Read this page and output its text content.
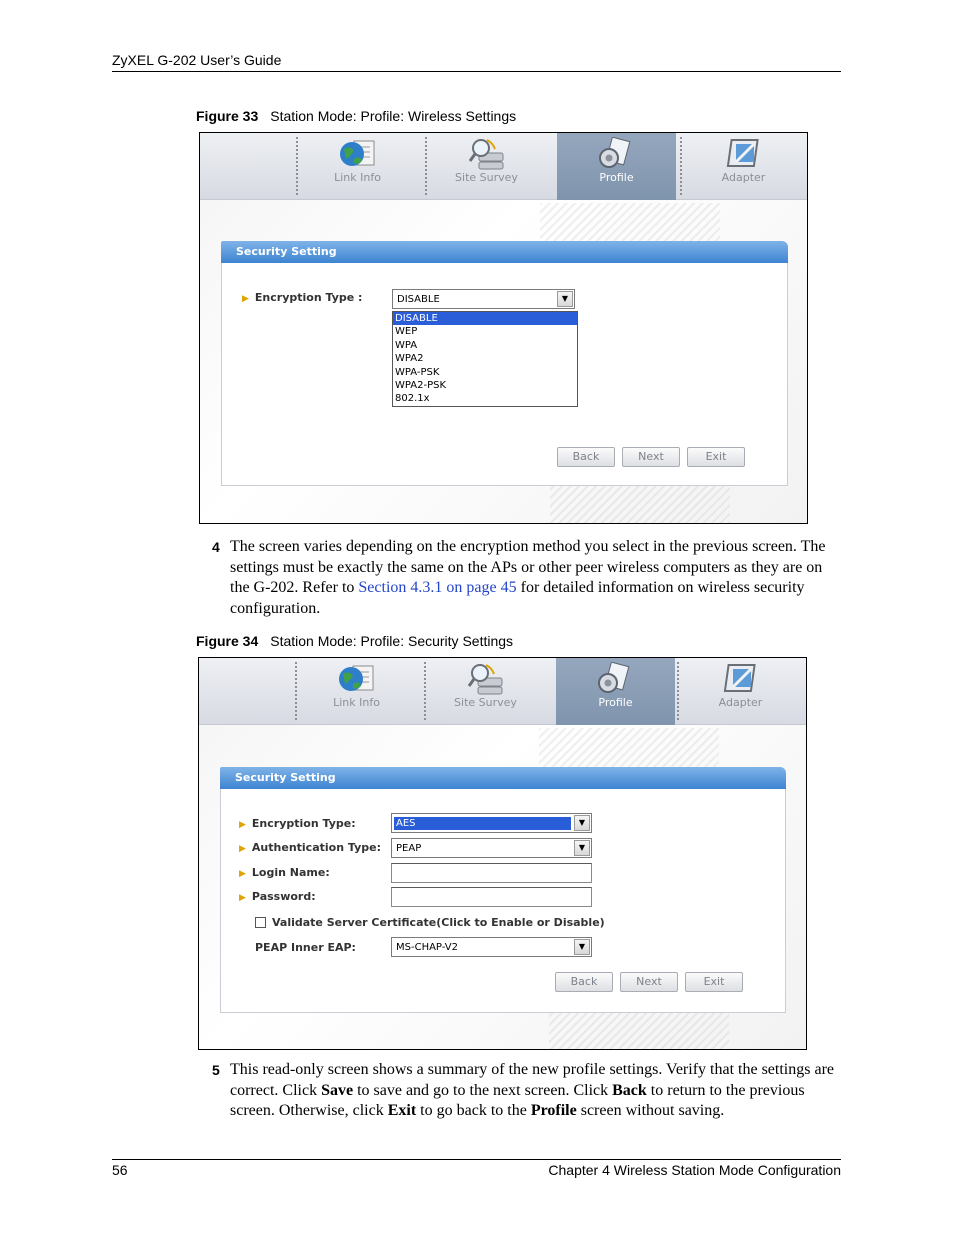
ZyXEL G-202 User’s Guide
Figure 33 Station Mode: Profile: Wireless Settings
Link Info	Site Survey	Profile	Adapter
Security Setting
▶ Encryption Type :	DISABLE	▼
DISABLE
WEP
WPA
WPA2
WPA-PSK
WPA2-PSK
802.1x
Back	Next	Exit
4 The screen varies depending on the encryption method you select in the previous screen. The settings must be exactly the same on the APs or other peer wireless computers as they are on the G-202. Refer to Section 4.3.1 on page 45 for detailed information on wireless security configuration.
Figure 34 Station Mode: Profile: Security Settings
Link Info	Site Survey	Profile	Adapter
Security Setting
▶ Encryption Type:	AES	▼
▶ Authentication Type: PEAP	▼
▶ Login Name:
▶ Password:
Validate Server Certificate(Click to Enable or Disable)
PEAP Inner EAP:	MS-CHAP-V2	▼
Back	Next	Exit
5 This read-only screen shows a summary of the new profile settings. Verify that the settings are correct. Click Save to save and go to the next screen. Click Back to return to the previous screen. Otherwise, click Exit to go back to the Profile screen without saving.
56	Chapter 4 Wireless Station Mode Configuration
